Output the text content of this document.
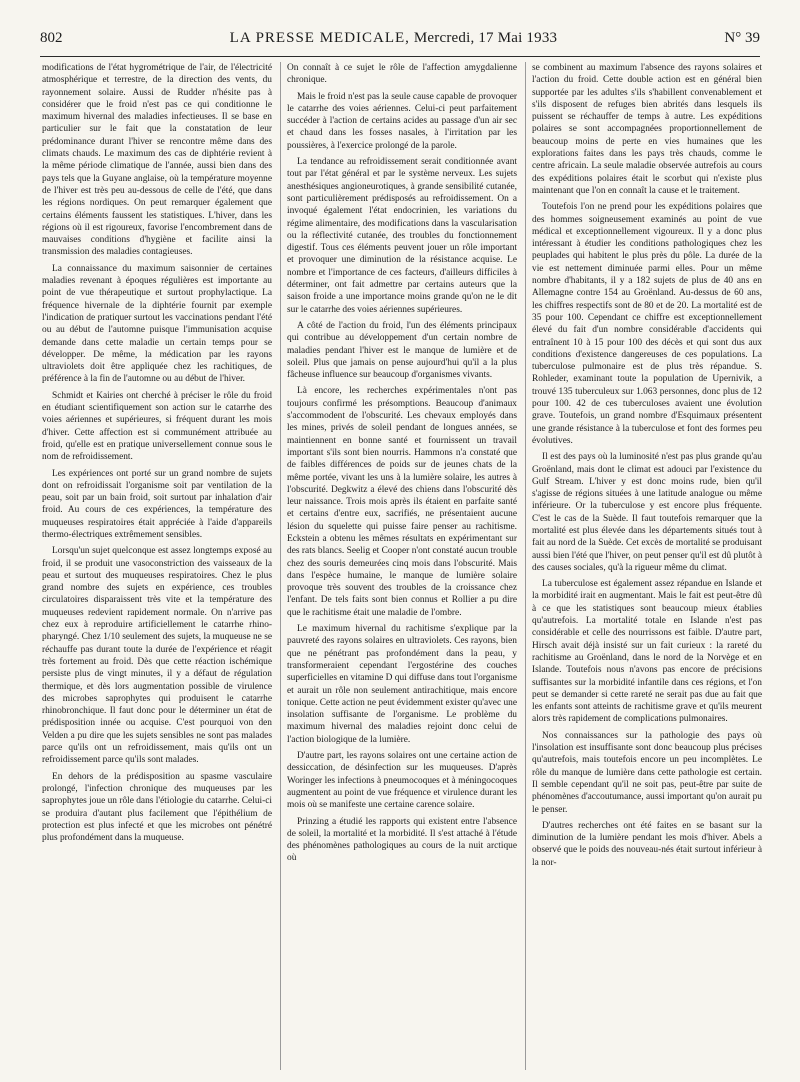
802	LA PRESSE MEDICALE, Mercredi, 17 Mai 1933	N° 39

modifications de l'état hygrométrique de l'air, de l'électricité atmosphérique et terrestre, de la direction des vents, du rayonnement solaire. Aussi de Rudder n'hésite pas à considérer que le froid n'est pas ce qui conditionne le maximum hivernal des maladies infectieuses. Il se base en particulier sur le fait que la constatation de leur prédominance durant l'hiver se rencontre même dans des climats chauds. Le maximum des cas de diphtérie revient à la même période climatique de l'année, aussi bien dans des pays tels que la Guyane anglaise, où la température moyenne de l'hiver est très peu au-dessous de celle de l'été, que dans les régions nordiques. On peut remarquer également que certains éléments faussent les statistiques. L'hiver, dans les régions où il est rigoureux, favorise l'encombrement dans de mauvaises conditions d'hygiène et facilite ainsi la transmission des maladies contagieuses.

La connaissance du maximum saisonnier de certaines maladies revenant à époques régulières est importante au point de vue thérapeutique et surtout prophylactique. La fréquence hivernale de la diphtérie fournit par exemple l'indication de pratiquer surtout les vaccinations pendant l'été ou au début de l'automne puisque l'immunisation acquise demande dans cette maladie un certain temps pour se développer. De même, la médication par les rayons ultraviolets doit être appliquée chez les rachitiques, de préférence à la fin de l'automne ou au début de l'hiver.

Schmidt et Kairies ont cherché à préciser le rôle du froid en étudiant scientifiquement son action sur le catarrhe des voies aériennes et supérieures, si fréquent durant les mois d'hiver. Cette affection est si communément attribuée au froid, qu'elle est en pratique universellement connue sous le nom de refroidissement.

Les expériences ont porté sur un grand nombre de sujets dont on refroidissait l'organisme soit par ventilation de la peau, soit par un bain froid, soit surtout par inhalation d'air froid. Au cours de ces expériences, la température des muqueuses respiratoires était appréciée à l'aide d'appareils thermo-électriques extrêmement sensibles.

Lorsqu'un sujet quelconque est assez longtemps exposé au froid, il se produit une vasoconstriction des vaisseaux de la peau et surtout des muqueuses respiratoires. Chez le plus grand nombre des sujets en expérience, ces troubles circulatoires disparaissent très vite et la température des muqueuses redevient rapidement normale. On n'arrive pas chez eux à reproduire artificiellement le catarrhe rhino-pharyngé. Chez 1/10 seulement des sujets, la muqueuse ne se réchauffe pas durant toute la durée de l'expérience et réagit très fortement au froid. Dès que cette réaction ischémique persiste plus de vingt minutes, il y a défaut de régulation thermique, et dès lors augmentation possible de virulence des microbes saprophytes qui produisent le catarrhe rhinobronchique. Il faut donc pour le déterminer un état de prédisposition innée ou acquise. C'est pourquoi von den Velden a pu dire que les sujets sensibles ne sont pas malades parce qu'ils ont un refroidissement, mais qu'ils ont un refroidissement parce qu'ils sont malades.

En dehors de la prédisposition au spasme vasculaire prolongé, l'infection chronique des muqueuses par les saprophytes joue un rôle dans l'étiologie du catarrhe. Celui-ci se produira d'autant plus facilement que l'épithélium de protection est plus infecté et que les microbes ont pénétré plus profondément dans la muqueuse.

On connaît à ce sujet le rôle de l'affection amygdalienne chronique.

Mais le froid n'est pas la seule cause capable de provoquer le catarrhe des voies aériennes. Celui-ci peut parfaitement succéder à l'action de certains acides au passage d'un air sec et chaud dans les fosses nasales, à l'irritation par les poussières, à l'exercice prolongé de la parole.

La tendance au refroidissement serait conditionnée avant tout par l'état général et par le système nerveux. Les sujets anesthésiques angioneurotiques, à grande sensibilité cutanée, sont particulièrement prédisposés au refroidissement. On a invoqué également l'état endocrinien, les variations du régime alimentaire, des modifications dans la vascularisation ou la réflectivité cutanée, des troubles du fonctionnement digestif. Tous ces éléments peuvent jouer un rôle important et provoquer une diminution de la résistance acquise. Le nombre et l'importance de ces facteurs, d'ailleurs difficiles à déterminer, ont fait admettre par certains auteurs que la saison froide a une importance moins grande qu'on ne le dit sur le catarrhe des voies aériennes supérieures.

A côté de l'action du froid, l'un des éléments principaux qui contribue au développement d'un certain nombre de maladies pendant l'hiver est le manque de lumière et de soleil. Plus que jamais on pense aujourd'hui qu'il a la plus fâcheuse influence sur beaucoup d'organismes vivants.

Là encore, les recherches expérimentales n'ont pas toujours confirmé les présomptions. Beaucoup d'animaux s'accommodent de l'obscurité. Les chevaux employés dans les mines, privés de soleil pendant de longues années, se maintiennent en bonne santé et fournissent un travail important s'ils sont bien nourris. Hammons n'a constaté que de faibles différences de poids sur de jeunes chats de la même portée, vivant les uns à la lumière solaire, les autres à l'obscurité. Degkwitz a élevé des chiens dans l'obscurité dès leur naissance. Trois mois après ils étaient en parfaite santé et certains d'entre eux, sacrifiés, ne présentaient aucune lésion du squelette qui puisse faire penser au rachitisme. Eckstein a obtenu les mêmes résultats en expérimentant sur des rats blancs. Seelig et Cooper n'ont constaté aucun trouble chez des souris demeurées cinq mois dans l'obscurité. Mais dans l'espèce humaine, le manque de lumière solaire provoque très souvent des troubles de la croissance chez l'enfant. De tels faits sont bien connus et Rollier a pu dire que le rachitisme était une maladie de l'ombre.

Le maximum hivernal du rachitisme s'explique par la pauvreté des rayons solaires en ultraviolets. Ces rayons, bien que ne pénétrant pas profondément dans la peau, y transformeraient cependant l'ergostérine des couches superficielles en vitamine D qui diffuse dans tout l'organisme et aurait un rôle non seulement antirachitique, mais encore tonique. Cette action ne peut évidemment exister qu'avec une insolation suffisante de l'organisme. Le problème du maximum hivernal des maladies rejoint donc celui de l'action biologique de la lumière.

D'autre part, les rayons solaires ont une certaine action de dessiccation, de désinfection sur les muqueuses. D'après Woringer les infections à pneumocoques et à méningocoques augmentent au point de vue fréquence et virulence durant les mois où se manifeste une certaine carence solaire.

Prinzing a étudié les rapports qui existent entre l'absence de soleil, la mortalité et la morbidité. Il s'est attaché à l'étude des phénomènes pathologiques au cours de la nuit arctique où

se combinent au maximum l'absence des rayons solaires et l'action du froid. Cette double action est en général bien supportée par les adultes s'ils s'habillent convenablement et s'ils disposent de refuges bien abrités dans lesquels ils puissent se réchauffer de temps à autre. Les expéditions polaires se sont accompagnées proportionnellement de beaucoup moins de perte en vies humaines que les explorations faites dans les pays très chauds, comme le centre africain. La seule maladie observée autrefois au cours des expéditions polaires était le scorbut qui n'existe plus maintenant que l'on en connaît la cause et le traitement.

Toutefois l'on ne prend pour les expéditions polaires que des hommes soigneusement examinés au point de vue médical et exceptionnellement vigoureux. Il y a donc plus intéressant à étudier les conditions pathologiques chez les peuplades qui habitent le plus près du pôle. La durée de la vie est nettement diminuée parmi elles. Pour un même nombre d'habitants, il y a 182 sujets de plus de 40 ans en Allemagne contre 154 au Groënland. Au-dessus de 60 ans, les chiffres respectifs sont de 80 et de 20. La mortalité est de 35 pour 100. Cependant ce chiffre est exceptionnellement élevé du fait d'un nombre considérable d'accidents qui entraînent 10 à 15 pour 100 des décès et qui sont dus aux conditions d'existence dangereuses de ces populations. La tuberculose pulmonaire est de plus très répandue. S. Rohleder, examinant toute la population de Upernivik, a trouvé 135 tuberculeux sur 1.063 personnes, donc plus de 12 pour 100. 42 de ces tuberculoses avaient une évolution grave. Toutefois, un grand nombre d'Esquimaux présentent une grande résistance à la tuberculose et font des formes peu évolutives.

Il est des pays où la luminosité n'est pas plus grande qu'au Groënland, mais dont le climat est adouci par l'existence du Gulf Stream. L'hiver y est donc moins rude, bien qu'il s'agisse de régions situées à une latitude analogue ou même inférieure. Or la tuberculose y est encore plus fréquente. C'est le cas de la Suède. Il faut toutefois remarquer que la mortalité est plus élevée dans les départements situés tout à fait au nord de la Suède. Cet excès de mortalité se produisant aussi bien l'été que l'hiver, on peut penser qu'il est dû plutôt à des causes sociales, qu'à la rigueur même du climat.

La tuberculose est également assez répandue en Islande et la morbidité irait en augmentant. Mais le fait est peut-être dû à ce que les statistiques sont beaucoup mieux établies qu'autrefois. La mortalité totale en Islande n'est pas considérable et celle des nourrissons est faible. D'autre part, Hirsch avait déjà insisté sur un fait curieux : la rareté du rachitisme au Groënland, dans le nord de la Norvège et en Islande. Toutefois nous n'avons pas encore de précisions suffisantes sur la morbidité infantile dans ces régions, et l'on peut se demander si cette rareté ne serait pas due au fait que les enfants sont atteints de rachitisme grave et qu'ils meurent alors très rapidement de complications pulmonaires.

Nos connaissances sur la pathologie des pays où l'insolation est insuffisante sont donc beaucoup plus précises qu'autrefois, mais toutefois encore un peu incomplètes. Le rôle du manque de lumière dans cette pathologie est certain. Il semble cependant qu'il ne soit pas, peut-être par suite de phénomènes d'accoutumance, aussi important qu'on aurait pu le penser.

D'autres recherches ont été faites en se basant sur la diminution de la lumière pendant les mois d'hiver. Abels a observé que le poids des nouveau-nés était surtout inférieur à la nor-
